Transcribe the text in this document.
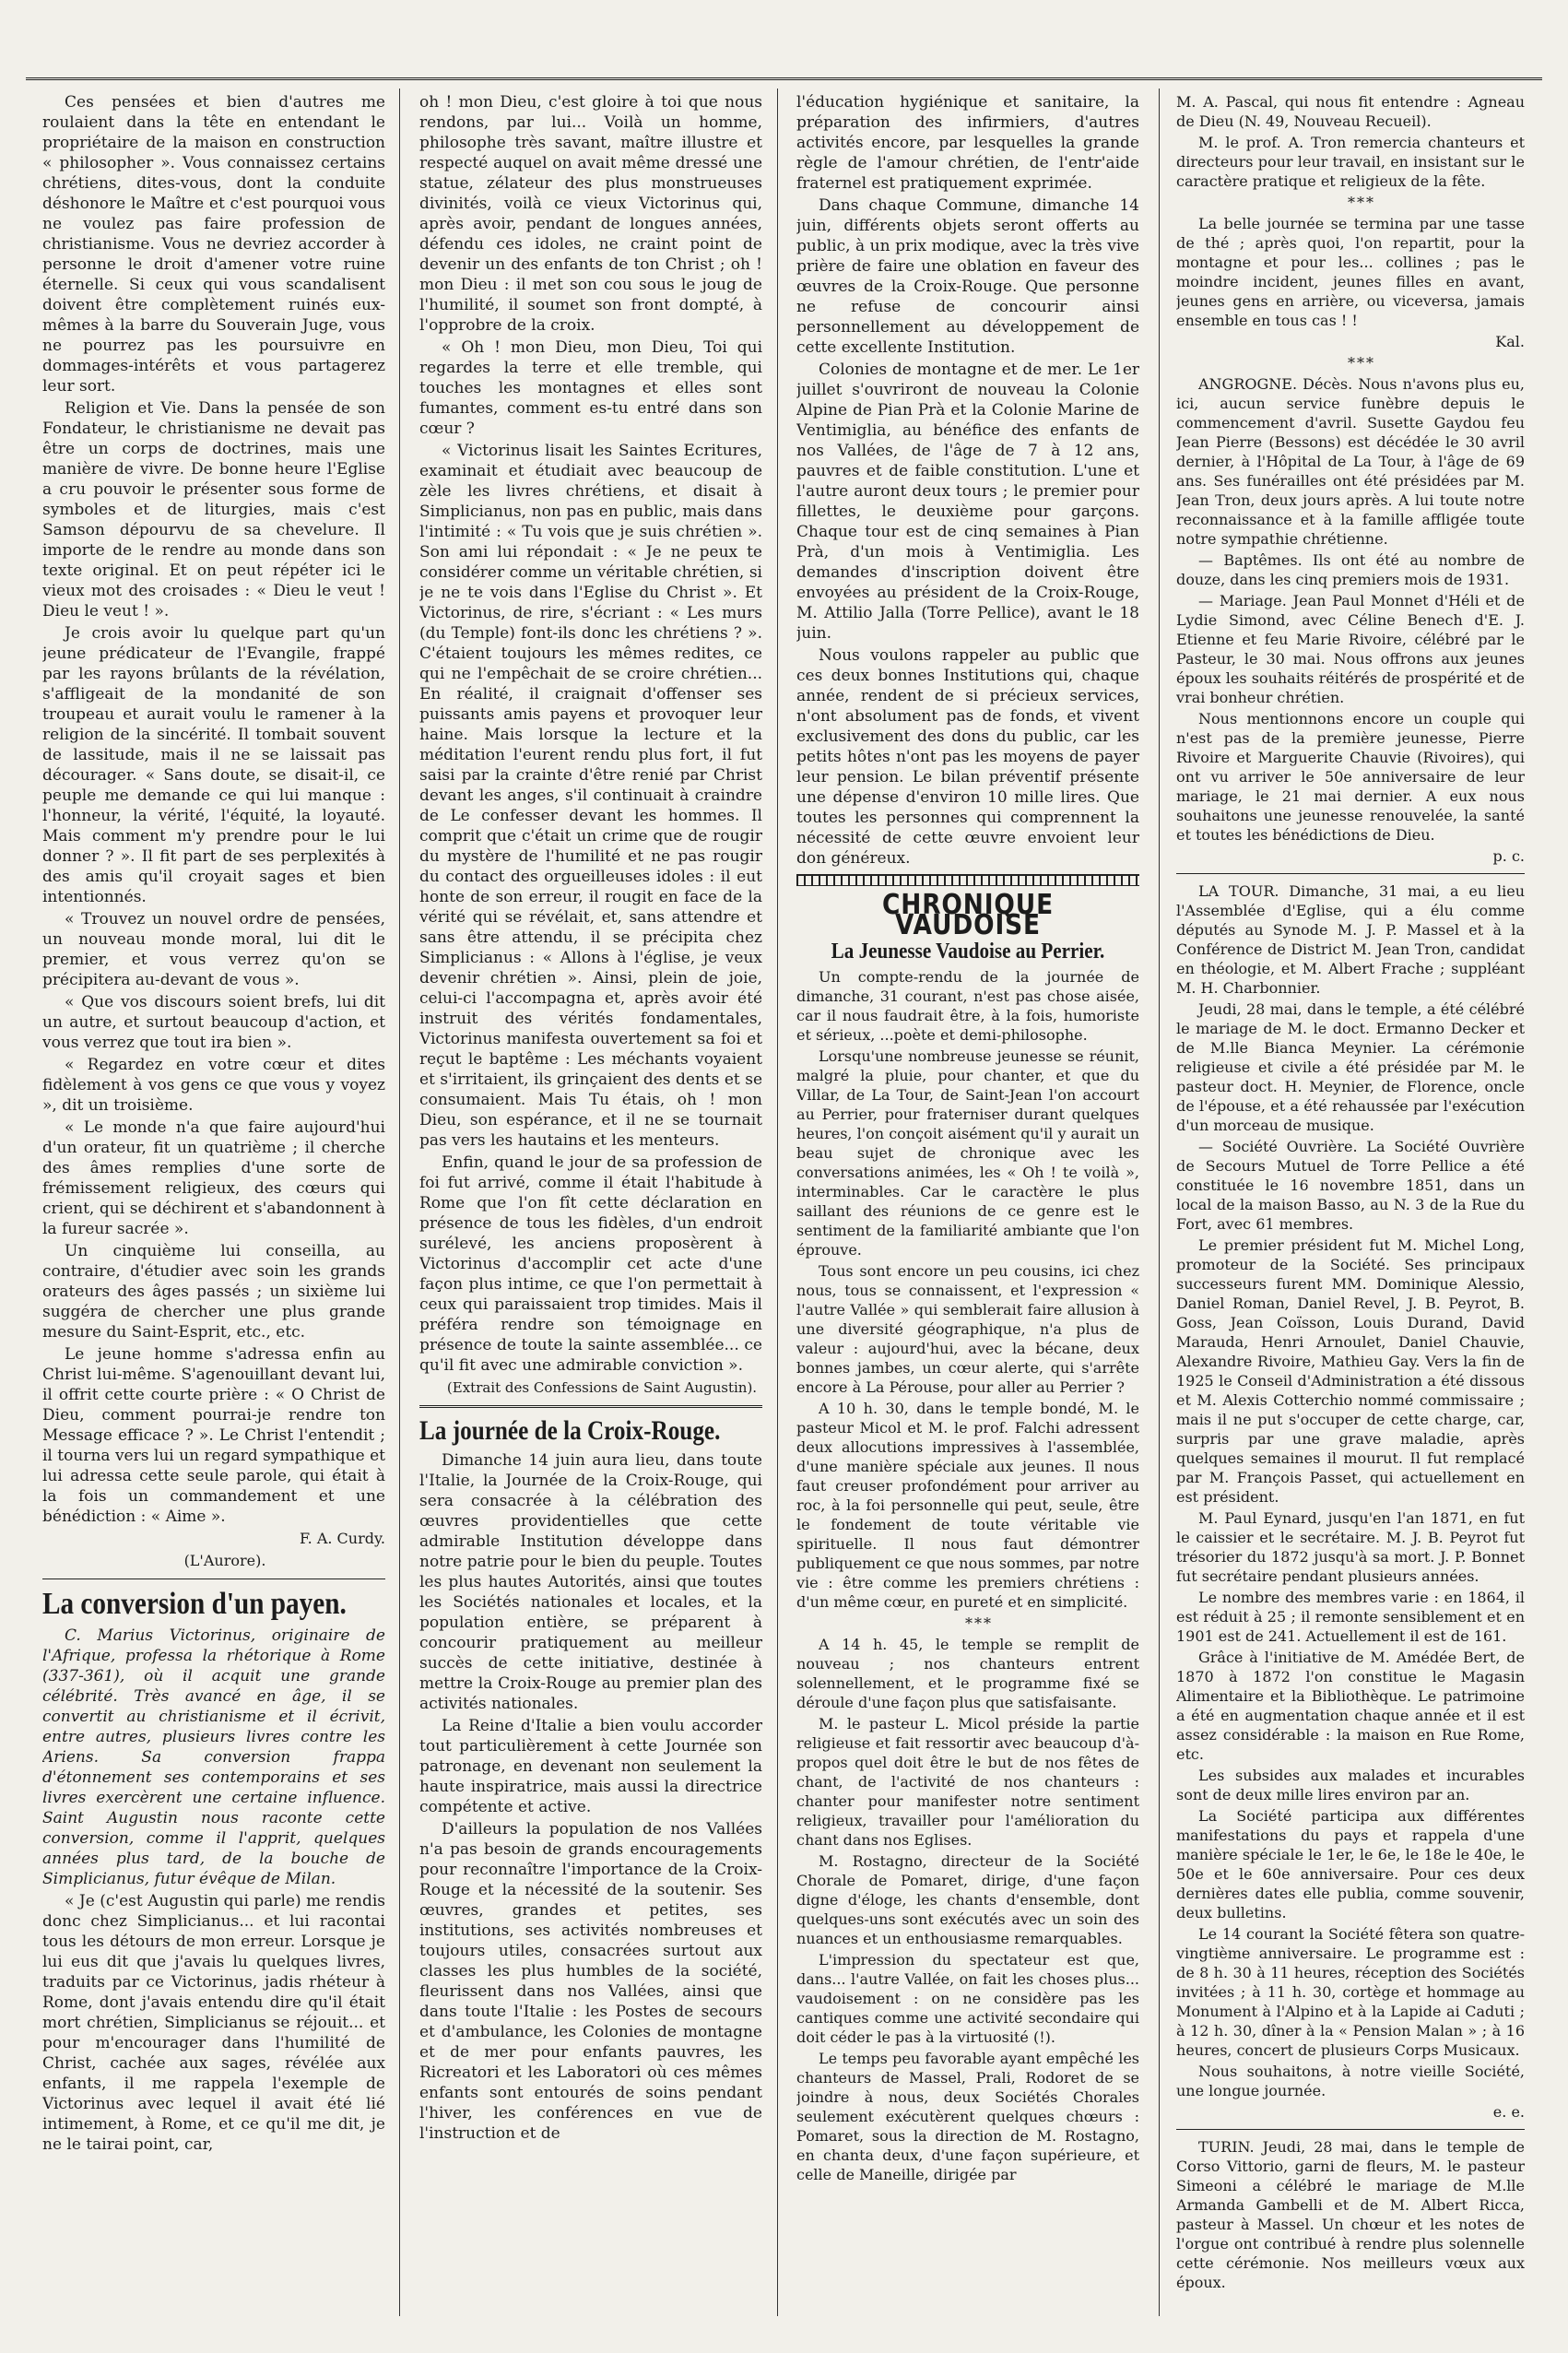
Ces pensées et bien d'autres me roulaient dans la tête en entendant le propriétaire de la maison en construction « philosopher ». Vous connaissez certains chrétiens, dites-vous, dont la conduite déshonore le Maître et c'est pourquoi vous ne voulez pas faire profession de christianisme. Vous ne devriez accorder à personne le droit d'amener votre ruine éternelle. Si ceux qui vous scandalisent doivent être complètement ruinés eux-mêmes à la barre du Souverain Juge, vous ne pourrez pas les poursuivre en dommages-intérêts et vous partagerez leur sort.

Religion et Vie. Dans la pensée de son Fondateur, le christianisme ne devait pas être un corps de doctrines, mais une manière de vivre. De bonne heure l'Eglise a cru pouvoir le présenter sous forme de symboles et de liturgies, mais c'est Samson dépourvu de sa chevelure. Il importe de le rendre au monde dans son texte original. Et on peut répéter ici le vieux mot des croisades : « Dieu le veut ! Dieu le veut ! ».

Je crois avoir lu quelque part qu'un jeune prédicateur de l'Evangile, frappé par les rayons brûlants de la révélation, s'affligeait de la mondanité de son troupeau et aurait voulu le ramener à la religion de la sincérité. Il tombait souvent de lassitude, mais il ne se laissait pas décourager. « Sans doute, se disait-il, ce peuple me demande ce qui lui manque : l'honneur, la vérité, l'équité, la loyauté. Mais comment m'y prendre pour le lui donner ? ». Il fit part de ses perplexités à des amis qu'il croyait sages et bien intentionnés.

« Trouvez un nouvel ordre de pensées, un nouveau monde moral, lui dit le premier, et vous verrez qu'on se précipitera au-devant de vous ».

« Que vos discours soient brefs, lui dit un autre, et surtout beaucoup d'action, et vous verrez que tout ira bien ».

« Regardez en votre cœur et dites fidèlement à vos gens ce que vous y voyez », dit un troisième.

« Le monde n'a que faire aujourd'hui d'un orateur, fit un quatrième ; il cherche des âmes remplies d'une sorte de frémissement religieux, des cœurs qui crient, qui se déchirent et s'abandonnent à la fureur sacrée ».

Un cinquième lui conseilla, au contraire, d'étudier avec soin les grands orateurs des âges passés ; un sixième lui suggéra de chercher une plus grande mesure du Saint-Esprit, etc., etc.

Le jeune homme s'adressa enfin au Christ lui-même. S'agenouillant devant lui, il offrit cette courte prière : « O Christ de Dieu, comment pourrai-je rendre ton Message efficace ? ». Le Christ l'entendit ; il tourna vers lui un regard sympathique et lui adressa cette seule parole, qui était à la fois un commandement et une bénédiction : « Aime ».

F. A. Curdy.

(L'Aurore).

La conversion d'un payen.

C. Marius Victorinus, originaire de l'Afrique, professa la rhétorique à Rome (337-361), où il acquit une grande célébrité. Très avancé en âge, il se convertit au christianisme et il écrivit, entre autres, plusieurs livres contre les Ariens. Sa conversion frappa d'étonnement ses contemporains et ses livres exercèrent une certaine influence. Saint Augustin nous raconte cette conversion, comme il l'apprit, quelques années plus tard, de la bouche de Simplicianus, futur évêque de Milan.

« Je (c'est Augustin qui parle) me rendis donc chez Simplicianus... et lui racontai tous les détours de mon erreur. Lorsque je lui eus dit que j'avais lu quelques livres, traduits par ce Victorinus, jadis rhéteur à Rome, dont j'avais entendu dire qu'il était mort chrétien, Simplicianus se réjouit... et pour m'encourager dans l'humilité de Christ, cachée aux sages, révélée aux enfants, il me rappela l'exemple de Victorinus avec lequel il avait été lié intimement, à Rome, et ce qu'il me dit, je ne le tairai point, car,

oh ! mon Dieu, c'est gloire à toi que nous rendons, par lui... Voilà un homme, philosophe très savant, maître illustre et respecté auquel on avait même dressé une statue, zélateur des plus monstrueuses divinités, voilà ce vieux Victorinus qui, après avoir, pendant de longues années, défendu ces idoles, ne craint point de devenir un des enfants de ton Christ ; oh ! mon Dieu : il met son cou sous le joug de l'humilité, il soumet son front dompté, à l'opprobre de la croix.

« Oh ! mon Dieu, mon Dieu, Toi qui regardes la terre et elle tremble, qui touches les montagnes et elles sont fumantes, comment es-tu entré dans son cœur ?

« Victorinus lisait les Saintes Ecritures, examinait et étudiait avec beaucoup de zèle les livres chrétiens, et disait à Simplicianus, non pas en public, mais dans l'intimité : « Tu vois que je suis chrétien ». Son ami lui répondait : « Je ne peux te considérer comme un véritable chrétien, si je ne te vois dans l'Eglise du Christ ». Et Victorinus, de rire, s'écriant : « Les murs (du Temple) font-ils donc les chrétiens ? ». C'étaient toujours les mêmes redites, ce qui ne l'empêchait de se croire chrétien... En réalité, il craignait d'offenser ses puissants amis payens et provoquer leur haine. Mais lorsque la lecture et la méditation l'eurent rendu plus fort, il fut saisi par la crainte d'être renié par Christ devant les anges, s'il continuait à craindre de Le confesser devant les hommes. Il comprit que c'était un crime que de rougir du mystère de l'humilité et ne pas rougir du contact des orgueilleuses idoles : il eut honte de son erreur, il rougit en face de la vérité qui se révélait, et, sans attendre et sans être attendu, il se précipita chez Simplicianus : « Allons à l'église, je veux devenir chrétien ». Ainsi, plein de joie, celui-ci l'accompagna et, après avoir été instruit des vérités fondamentales, Victorinus manifesta ouvertement sa foi et reçut le baptême : Les méchants voyaient et s'irritaient, ils grinçaient des dents et se consumaient. Mais Tu étais, oh ! mon Dieu, son espérance, et il ne se tournait pas vers les hautains et les menteurs.

Enfin, quand le jour de sa profession de foi fut arrivé, comme il était l'habitude à Rome que l'on fît cette déclaration en présence de tous les fidèles, d'un endroit surélevé, les anciens proposèrent à Victorinus d'accomplir cet acte d'une façon plus intime, ce que l'on permettait à ceux qui paraissaient trop timides. Mais il préféra rendre son témoignage en présence de toute la sainte assemblée... ce qu'il fit avec une admirable conviction ».

(Extrait des Confessions de Saint Augustin).

La journée de la Croix-Rouge.

Dimanche 14 juin aura lieu, dans toute l'Italie, la Journée de la Croix-Rouge, qui sera consacrée à la célébration des œuvres providentielles que cette admirable Institution développe dans notre patrie pour le bien du peuple. Toutes les plus hautes Autorités, ainsi que toutes les Sociétés nationales et locales, et la population entière, se préparent à concourir pratiquement au meilleur succès de cette initiative, destinée à mettre la Croix-Rouge au premier plan des activités nationales.

La Reine d'Italie a bien voulu accorder tout particulièrement à cette Journée son patronage, en devenant non seulement la haute inspiratrice, mais aussi la directrice compétente et active.

D'ailleurs la population de nos Vallées n'a pas besoin de grands encouragements pour reconnaître l'importance de la Croix-Rouge et la nécessité de la soutenir. Ses œuvres, grandes et petites, ses institutions, ses activités nombreuses et toujours utiles, consacrées surtout aux classes les plus humbles de la société, fleurissent dans nos Vallées, ainsi que dans toute l'Italie : les Postes de secours et d'ambulance, les Colonies de montagne et de mer pour enfants pauvres, les Ricreatori et les Laboratori où ces mêmes enfants sont entourés de soins pendant l'hiver, les conférences en vue de l'instruction et de

l'éducation hygiénique et sanitaire, la préparation des infirmiers, d'autres activités encore, par lesquelles la grande règle de l'amour chrétien, de l'entr'aide fraternel est pratiquement exprimée.

Dans chaque Commune, dimanche 14 juin, différents objets seront offerts au public, à un prix modique, avec la très vive prière de faire une oblation en faveur des œuvres de la Croix-Rouge. Que personne ne refuse de concourir ainsi personnellement au développement de cette excellente Institution.

Colonies de montagne et de mer. Le 1er juillet s'ouvriront de nouveau la Colonie Alpine de Pian Prà et la Colonie Marine de Ventimiglia, au bénéfice des enfants de nos Vallées, de l'âge de 7 à 12 ans, pauvres et de faible constitution. L'une et l'autre auront deux tours ; le premier pour fillettes, le deuxième pour garçons. Chaque tour est de cinq semaines à Pian Prà, d'un mois à Ventimiglia. Les demandes d'inscription doivent être envoyées au président de la Croix-Rouge, M. Attilio Jalla (Torre Pellice), avant le 18 juin.

Nous voulons rappeler au public que ces deux bonnes Institutions qui, chaque année, rendent de si précieux services, n'ont absolument pas de fonds, et vivent exclusivement des dons du public, car les petits hôtes n'ont pas les moyens de payer leur pension. Le bilan préventif présente une dépense d'environ 10 mille lires. Que toutes les personnes qui comprennent la nécessité de cette œuvre envoient leur don généreux.

CHRONIQUE VAUDOISE
La Jeunesse Vaudoise au Perrier.

Un compte-rendu de la journée de dimanche, 31 courant, n'est pas chose aisée, car il nous faudrait être, à la fois, humoriste et sérieux, ...poète et demi-philosophe.

Lorsqu'une nombreuse jeunesse se réunit, malgré la pluie, pour chanter, et que du Villar, de La Tour, de Saint-Jean l'on accourt au Perrier, pour fraterniser durant quelques heures, l'on conçoit aisément qu'il y aurait un beau sujet de chronique avec les conversations animées, les « Oh ! te voilà », interminables. Car le caractère le plus saillant des réunions de ce genre est le sentiment de la familiarité ambiante que l'on éprouve.

Tous sont encore un peu cousins, ici chez nous, tous se connaissent, et l'expression « l'autre Vallée » qui semblerait faire allusion à une diversité géographique, n'a plus de valeur : aujourd'hui, avec la bécane, deux bonnes jambes, un cœur alerte, qui s'arrête encore à La Pérouse, pour aller au Perrier ?

A 10 h. 30, dans le temple bondé, M. le pasteur Micol et M. le prof. Falchi adressent deux allocutions impressives à l'assemblée, d'une manière spéciale aux jeunes. Il nous faut creuser profondément pour arriver au roc, à la foi personnelle qui peut, seule, être le fondement de toute véritable vie spirituelle. Il nous faut démontrer publiquement ce que nous sommes, par notre vie : être comme les premiers chrétiens : d'un même cœur, en pureté et en simplicité.

***

A 14 h. 45, le temple se remplit de nouveau ; nos chanteurs entrent solennellement, et le programme fixé se déroule d'une façon plus que satisfaisante.

M. le pasteur L. Micol préside la partie religieuse et fait ressortir avec beaucoup d'à-propos quel doit être le but de nos fêtes de chant, de l'activité de nos chanteurs : chanter pour manifester notre sentiment religieux, travailler pour l'amélioration du chant dans nos Eglises.

M. Rostagno, directeur de la Société Chorale de Pomaret, dirige, d'une façon digne d'éloge, les chants d'ensemble, dont quelques-uns sont exécutés avec un soin des nuances et un enthousiasme remarquables.

L'impression du spectateur est que, dans... l'autre Vallée, on fait les choses plus... vaudoisement : on ne considère pas les cantiques comme une activité secondaire qui doit céder le pas à la virtuosité (!).

Le temps peu favorable ayant empêché les chanteurs de Massel, Prali, Rodoret de se joindre à nous, deux Sociétés Chorales seulement exécutèrent quelques chœurs : Pomaret, sous la direction de M. Rostagno, en chanta deux, d'une façon supérieure, et celle de Maneille, dirigée par

M. A. Pascal, qui nous fit entendre : Agneau de Dieu (N. 49, Nouveau Recueil).

M. le prof. A. Tron remercia chanteurs et directeurs pour leur travail, en insistant sur le caractère pratique et religieux de la fête.

***

La belle journée se termina par une tasse de thé ; après quoi, l'on repartit, pour la montagne et pour les... collines ; pas le moindre incident, jeunes filles en avant, jeunes gens en arrière, ou viceversa, jamais ensemble en tous cas ! !

Kal.

***

ANGROGNE. Décès. Nous n'avons plus eu, ici, aucun service funèbre depuis le commencement d'avril. Susette Gaydou feu Jean Pierre (Bessons) est décédée le 30 avril dernier, à l'Hôpital de La Tour, à l'âge de 69 ans. Ses funérailles ont été présidées par M. Jean Tron, deux jours après. A lui toute notre reconnaissance et à la famille affligée toute notre sympathie chrétienne.

— Baptêmes. Ils ont été au nombre de douze, dans les cinq premiers mois de 1931.

— Mariage. Jean Paul Monnet d'Héli et de Lydie Simond, avec Céline Benech d'E. J. Etienne et feu Marie Rivoire, célébré par le Pasteur, le 30 mai. Nous offrons aux jeunes époux les souhaits réitérés de prospérité et de vrai bonheur chrétien.

Nous mentionnons encore un couple qui n'est pas de la première jeunesse, Pierre Rivoire et Marguerite Chauvie (Rivoires), qui ont vu arriver le 50e anniversaire de leur mariage, le 21 mai dernier. A eux nous souhaitons une jeunesse renouvelée, la santé et toutes les bénédictions de Dieu.

p. c.

LA TOUR. Dimanche, 31 mai, a eu lieu l'Assemblée d'Eglise, qui a élu comme députés au Synode M. J. P. Massel et à la Conférence de District M. Jean Tron, candidat en théologie, et M. Albert Frache ; suppléant M. H. Charbonnier.

Jeudi, 28 mai, dans le temple, a été célébré le mariage de M. le doct. Ermanno Decker et de M.lle Bianca Meynier. La cérémonie religieuse et civile a été présidée par M. le pasteur doct. H. Meynier, de Florence, oncle de l'épouse, et a été rehaussée par l'exécution d'un morceau de musique.

— Société Ouvrière. La Société Ouvrière de Secours Mutuel de Torre Pellice a été constituée le 16 novembre 1851, dans un local de la maison Basso, au N. 3 de la Rue du Fort, avec 61 membres.

Le premier président fut M. Michel Long, promoteur de la Société. Ses principaux successeurs furent MM. Dominique Alessio, Daniel Roman, Daniel Revel, J. B. Peyrot, B. Goss, Jean Coïsson, Louis Durand, David Marauda, Henri Arnoulet, Daniel Chauvie, Alexandre Rivoire, Mathieu Gay. Vers la fin de 1925 le Conseil d'Administration a été dissous et M. Alexis Cotterchio nommé commissaire ; mais il ne put s'occuper de cette charge, car, surpris par une grave maladie, après quelques semaines il mourut. Il fut remplacé par M. François Passet, qui actuellement en est président.

M. Paul Eynard, jusqu'en l'an 1871, en fut le caissier et le secrétaire. M. J. B. Peyrot fut trésorier du 1872 jusqu'à sa mort. J. P. Bonnet fut secrétaire pendant plusieurs années.

Le nombre des membres varie : en 1864, il est réduit à 25 ; il remonte sensiblement et en 1901 est de 241. Actuellement il est de 161.

Grâce à l'initiative de M. Amédée Bert, de 1870 à 1872 l'on constitue le Magasin Alimentaire et la Bibliothèque. Le patrimoine a été en augmentation chaque année et il est assez considérable : la maison en Rue Rome, etc.

Les subsides aux malades et incurables sont de deux mille lires environ par an.

La Société participa aux différentes manifestations du pays et rappela d'une manière spéciale le 1er, le 6e, le 18e le 40e, le 50e et le 60e anniversaire. Pour ces deux dernières dates elle publia, comme souvenir, deux bulletins.

Le 14 courant la Société fêtera son quatre-vingtième anniversaire. Le programme est : de 8 h. 30 à 11 heures, réception des Sociétés invitées ; à 11 h. 30, cortège et hommage au Monument à l'Alpino et à la Lapide ai Caduti ; à 12 h. 30, dîner à la « Pension Malan » ; à 16 heures, concert de plusieurs Corps Musicaux.

Nous souhaitons, à notre vieille Société, une longue journée.

e. e.

TURIN. Jeudi, 28 mai, dans le temple de Corso Vittorio, garni de fleurs, M. le pasteur Simeoni a célébré le mariage de M.lle Armanda Gambelli et de M. Albert Ricca, pasteur à Massel. Un chœur et les notes de l'orgue ont contribué à rendre plus solennelle cette cérémonie. Nos meilleurs vœux aux époux.
